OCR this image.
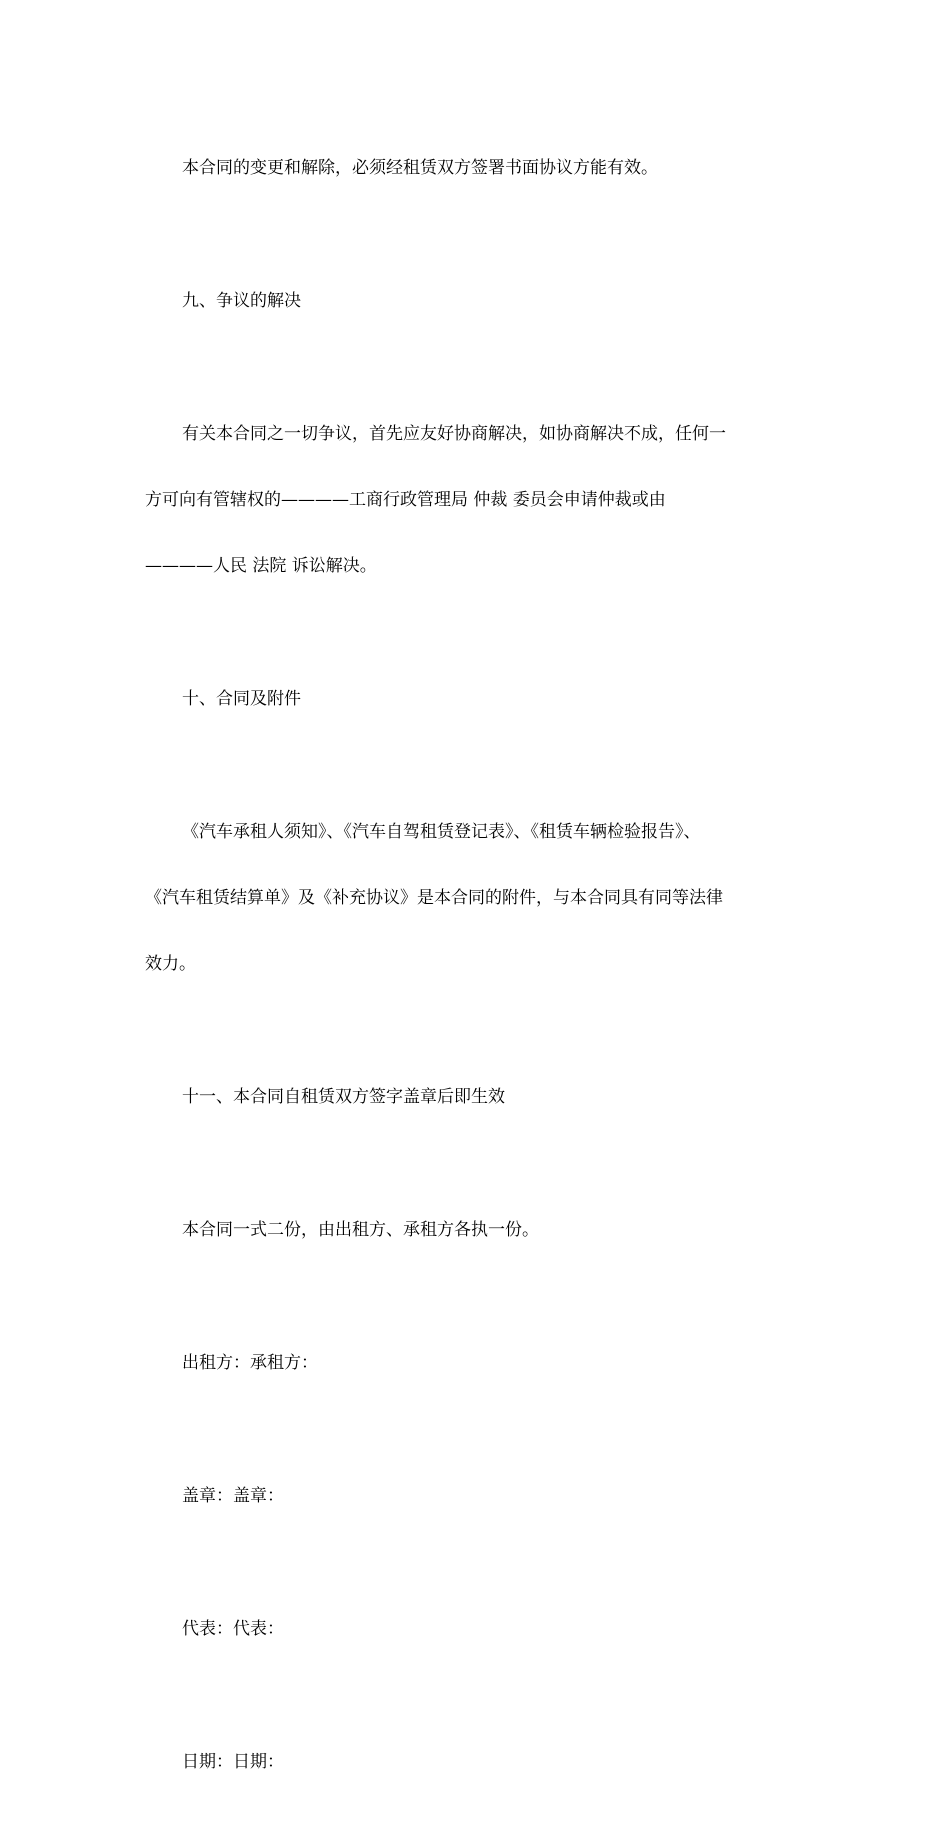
本合同的变更和解除，必须经租赁双方签署书面协议方能有效。

九、争议的解决

有关本合同之一切争议，首先应友好协商解决，如协商解决不成，任何一

方可向有管辖权的————工商行政管理局 仲裁 委员会申请仲裁或由

————人民 法院 诉讼解决。

十、合同及附件

《汽车承租人须知》、《汽车自驾租赁登记表》、《租赁车辆检验报告》、

《汽车租赁结算单》及《补充协议》是本合同的附件，与本合同具有同等法律

效力。

十一、本合同自租赁双方签字盖章后即生效

本合同一式二份，由出租方、承租方各执一份。

出租方：承租方：

盖章：盖章：

代表：代表：

日期：日期：
